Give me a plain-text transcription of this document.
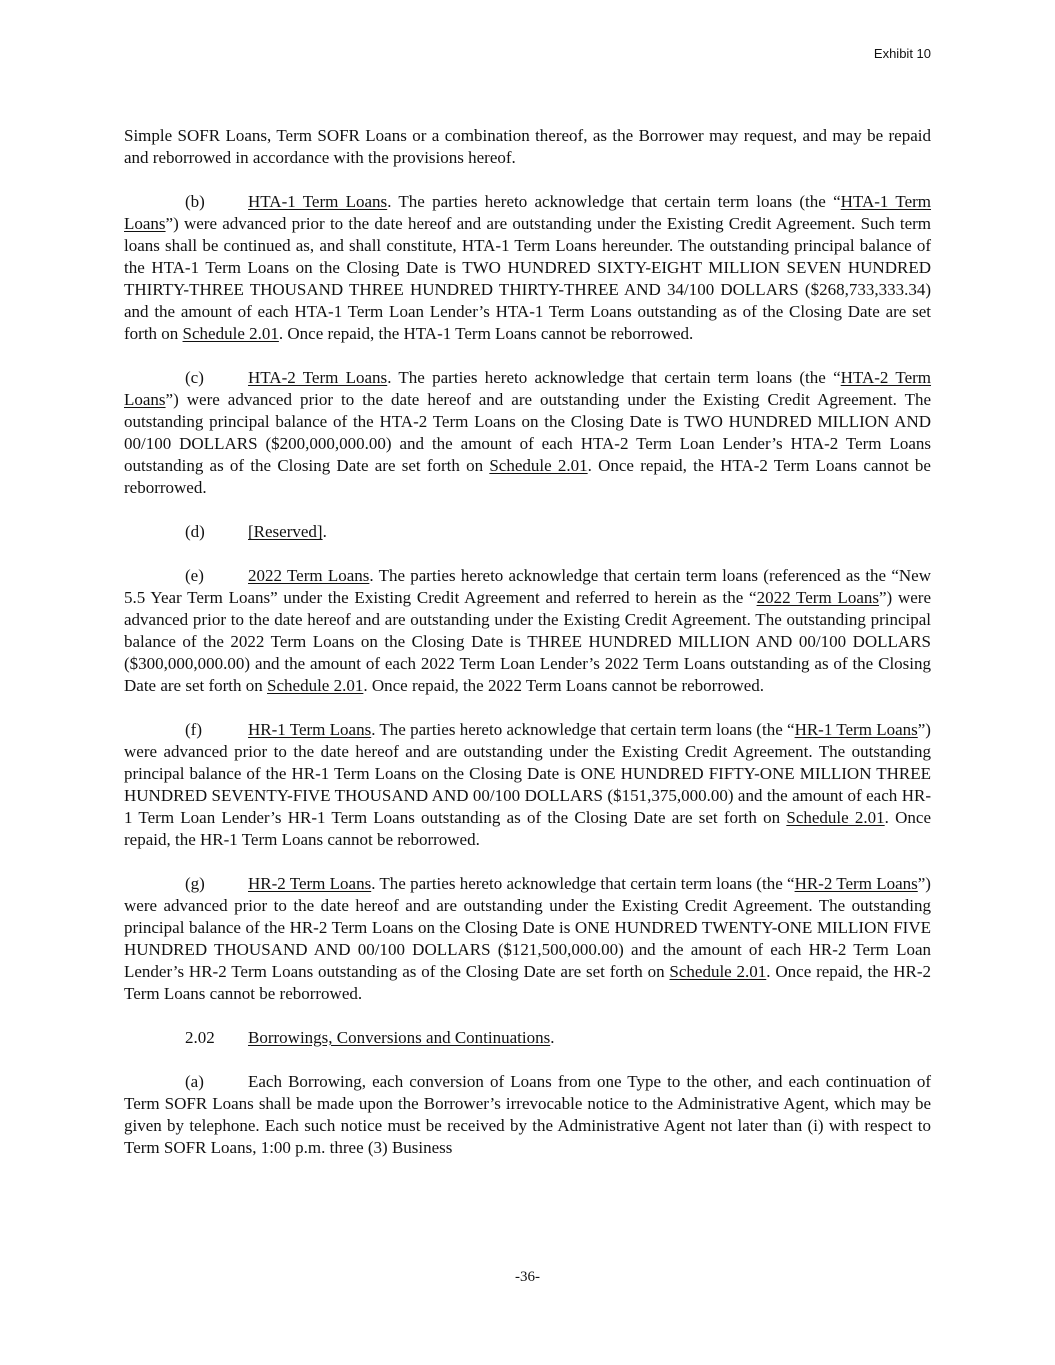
Exhibit 10

Simple SOFR Loans, Term SOFR Loans or a combination thereof, as the Borrower may request, and may be repaid and reborrowed in accordance with the provisions hereof.

(b)	HTA-1 Term Loans. The parties hereto acknowledge that certain term loans (the “HTA-1 Term Loans”) were advanced prior to the date hereof and are outstanding under the Existing Credit Agreement. Such term loans shall be continued as, and shall constitute, HTA-1 Term Loans hereunder. The outstanding principal balance of the HTA-1 Term Loans on the Closing Date is TWO HUNDRED SIXTY-EIGHT MILLION SEVEN HUNDRED THIRTY-THREE THOUSAND THREE HUNDRED THIRTY-THREE AND 34/100 DOLLARS ($268,733,333.34) and the amount of each HTA-1 Term Loan Lender’s HTA-1 Term Loans outstanding as of the Closing Date are set forth on Schedule 2.01. Once repaid, the HTA-1 Term Loans cannot be reborrowed.

(c)	HTA-2 Term Loans. The parties hereto acknowledge that certain term loans (the “HTA-2 Term Loans”) were advanced prior to the date hereof and are outstanding under the Existing Credit Agreement. The outstanding principal balance of the HTA-2 Term Loans on the Closing Date is TWO HUNDRED MILLION AND 00/100 DOLLARS ($200,000,000.00) and the amount of each HTA-2 Term Loan Lender’s HTA-2 Term Loans outstanding as of the Closing Date are set forth on Schedule 2.01. Once repaid, the HTA-2 Term Loans cannot be reborrowed.

(d)	[Reserved].

(e)	2022 Term Loans. The parties hereto acknowledge that certain term loans (referenced as the “New 5.5 Year Term Loans” under the Existing Credit Agreement and referred to herein as the “2022 Term Loans”) were advanced prior to the date hereof and are outstanding under the Existing Credit Agreement. The outstanding principal balance of the 2022 Term Loans on the Closing Date is THREE HUNDRED MILLION AND 00/100 DOLLARS ($300,000,000.00) and the amount of each 2022 Term Loan Lender’s 2022 Term Loans outstanding as of the Closing Date are set forth on Schedule 2.01. Once repaid, the 2022 Term Loans cannot be reborrowed.

(f)	HR-1 Term Loans. The parties hereto acknowledge that certain term loans (the “HR-1 Term Loans”) were advanced prior to the date hereof and are outstanding under the Existing Credit Agreement. The outstanding principal balance of the HR-1 Term Loans on the Closing Date is ONE HUNDRED FIFTY-ONE MILLION THREE HUNDRED SEVENTY-FIVE THOUSAND AND 00/100 DOLLARS ($151,375,000.00) and the amount of each HR-1 Term Loan Lender’s HR-1 Term Loans outstanding as of the Closing Date are set forth on Schedule 2.01. Once repaid, the HR-1 Term Loans cannot be reborrowed.

(g)	HR-2 Term Loans. The parties hereto acknowledge that certain term loans (the “HR-2 Term Loans”) were advanced prior to the date hereof and are outstanding under the Existing Credit Agreement. The outstanding principal balance of the HR-2 Term Loans on the Closing Date is ONE HUNDRED TWENTY-ONE MILLION FIVE HUNDRED THOUSAND AND 00/100 DOLLARS ($121,500,000.00) and the amount of each HR-2 Term Loan Lender’s HR-2 Term Loans outstanding as of the Closing Date are set forth on Schedule 2.01. Once repaid, the HR-2 Term Loans cannot be reborrowed.

2.02 Borrowings, Conversions and Continuations.

(a)	Each Borrowing, each conversion of Loans from one Type to the other, and each continuation of Term SOFR Loans shall be made upon the Borrower’s irrevocable notice to the Administrative Agent, which may be given by telephone. Each such notice must be received by the Administrative Agent not later than (i) with respect to Term SOFR Loans, 1:00 p.m. three (3) Business

-36-
